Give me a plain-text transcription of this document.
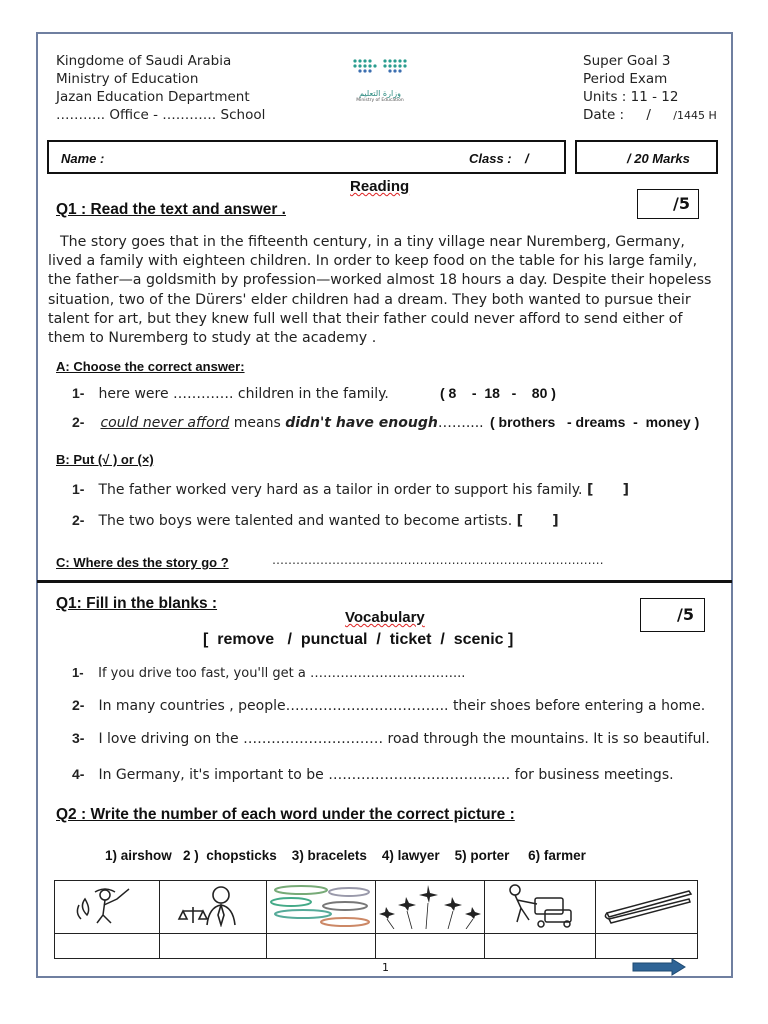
Kingdome of Saudi Arabia
Ministry of Education
Jazan Education Department
……….. Office - ………… School
وزارة التعليم
Ministry of Education
Super Goal 3
Period Exam
Units : 11 - 12
Date : / /1445 H
Name :	Class : /	/ 20 Marks
Reading
Q1 : Read the text and answer .	/5
The story goes that in the fifteenth century, in a tiny village near Nuremberg, Germany, lived a family with eighteen children. In order to keep food on the table for his large family, the father—a goldsmith by profession—worked almost 18 hours a day. Despite their hopeless situation, two of the Dürers' elder children had a dream. They both wanted to pursue their talent for art, but they knew full well that their father could never afford to send either of them to Nuremberg to study at the academy .
A: Choose the correct answer:
1- here were …………. children in the family.	( 8    -  18   -    80 )
2- could never afford means didn't have enough…….... ( brothers   - dreams  -  money )
B: Put (√ ) or (×)
1- The father worked very hard as a tailor in order to support his family. [      ]
2- The two boys were talented and wanted to become artists. [      ]
C: Where des the story go ?	…………………………..……………………………………………
Q1: Fill in the blanks :
Vocabulary	/5
[  remove   /  punctual  /  ticket  /  scenic ]
1- If you drive too fast, you'll get a ……………………………...
2- In many countries , people…………………………….. their shoes before entering a home.
3- I love driving on the ………………………… road through the mountains. It is so beautiful.
4- In Germany, it's important to be ………………………………… for business meetings.
Q2 : Write the number of each word under the correct picture :
1) airshow   2 )  chopsticks    3) bracelets    4) lawyer    5) porter     6) farmer

1
